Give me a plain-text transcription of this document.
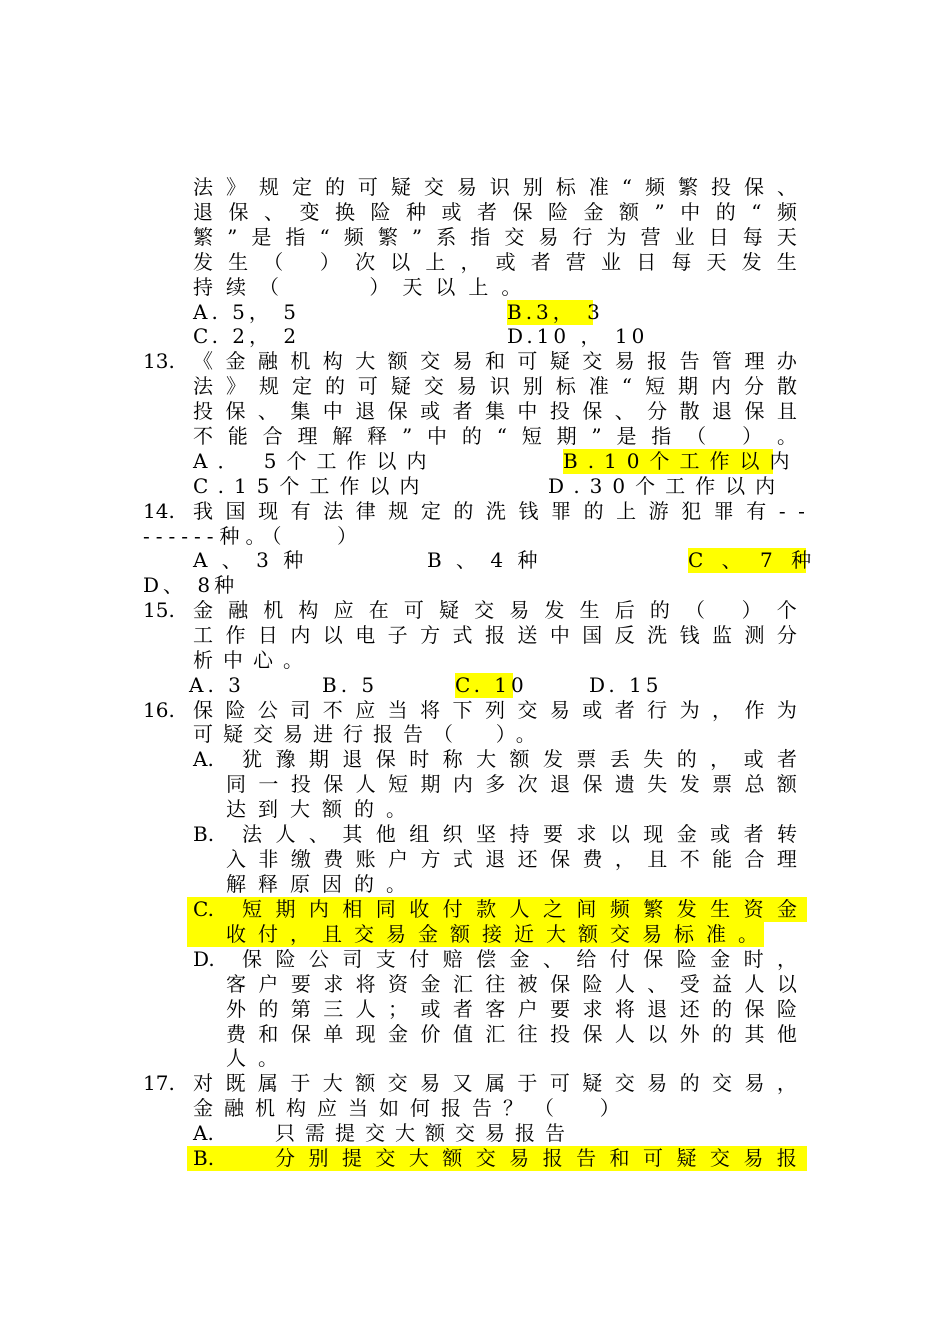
法 》 规 定 的 可 疑 交 易 识 别 标 准 “ 频 繁 投 保 、
退 保 、 变 换 险 种 或 者 保 险 金 额 ” 中 的 “ 频
繁 ” 是 指 “ 频 繁 ” 系 指 交 易 行 为 营 业 日 每 天
发 生 （
） 次 以 上 ， 或 者 营 业 日 每 天 发 生
持续（    ）天以上。
A. 5， 5	B.3， 3
C. 2， 2	D.10 ， 10
13. 《 金 融 机 构 大 额 交 易 和 可 疑 交 易 报 告 管 理 办
法 》 规 定 的 可 疑 交 易 识 别 标 准 “ 短 期 内 分 散
投 保 、 集 中 退 保 或 者 集 中 投 保 、 分 散 退 保 且
不 能 合 理 解 释 ” 中 的 “ 短 期 ” 是 指 （
） 。
A． 5个工作以内	B.10个工作以内
C.15个工作以内	D.30个工作以内
14. 我 国 现 有 法 律 规 定 的 洗 钱 罪 的 上 游 犯 罪 有 - -
------种。（    ）
A 、 3 种	B 、 4 种	C 、 7 种
D、 8种
15. 金 融 机 构 应 在 可 疑 交 易 发 生 后 的 （
） 个
工 作 日 内 以 电 子 方 式 报 送 中 国 反 洗 钱 监 测 分
析中心。
A. 3	B. 5	C. 10	D. 15
16. 保 险 公 司 不 应 当 将 下 列 交 易 或 者 行 为 ， 作 为
可疑交易进行报告（  ）。
A. 犹 豫 期 退 保 时 称 大 额 发 票 丢 失 的 ， 或 者
同 一 投 保 人 短 期 内 多 次 退 保 遗 失 发 票 总 额
达到大额的。
B. 法 人 、 其 他 组 织 坚 持 要 求 以 现 金 或 者 转
入 非 缴 费 账 户 方 式 退 还 保 费 ， 且 不 能 合 理
解释原因的。
C. 短 期 内 相 同 收 付 款 人 之 间 频 繁 发 生 资 金
收 付 ， 且 交 易 金 额 接 近 大 额 交 易 标 准 。
D. 保 险 公 司 支 付 赔 偿 金 、 给 付 保 险 金 时 ，
客 户 要 求 将 资 金 汇 往 被 保 险 人 、 受 益 人 以
外 的 第 三 人 ； 或 者 客 户 要 求 将 退 还 的 保 险
费 和 保 单 现 金 价 值 汇 往 投 保 人 以 外 的 其 他
人。
17. 对 既 属 于 大 额 交 易 又 属 于 可 疑 交 易 的 交 易 ，
金融机构应当如何报告？（  ）
A.	只需提交大额交易报告
B.	分 别 提 交 大 额 交 易 报 告 和 可 疑 交 易 报
